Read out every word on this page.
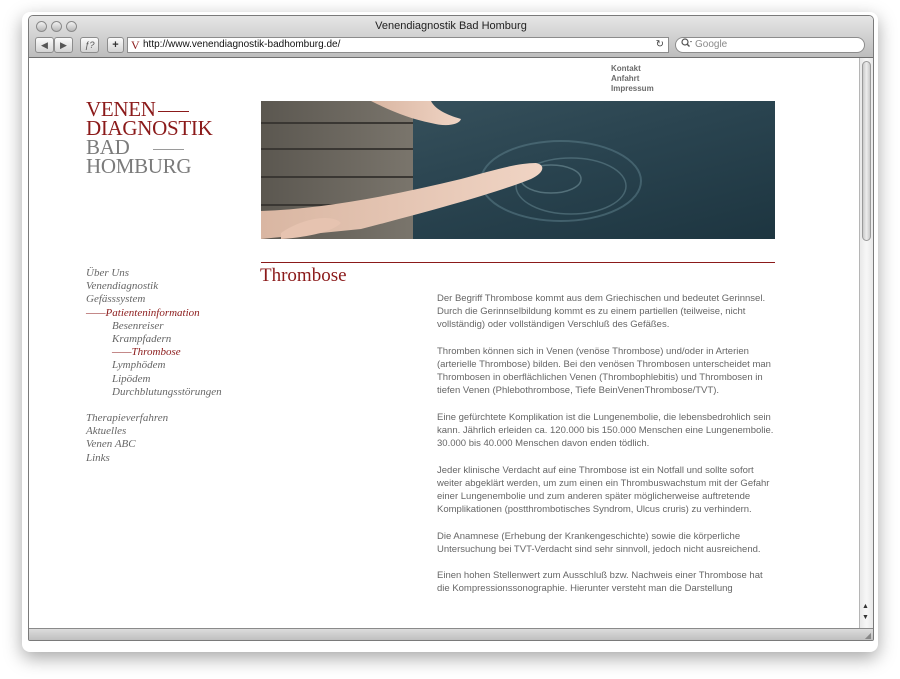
Venendiagnostik Bad Homburg
◀	▶	ƒ?	+	V http://www.venendiagnostik-badhomburg.de/	↻	Google
Kontakt
Anfahrt
Impressum
VENEN
DIAGNOSTIK
BAD
HOMBURG
Thrombose
Über Uns
Venendiagnostik
Gefässsystem
——Patienteninformation
Besenreiser
Krampfadern
——Thrombose
Lymphödem
Lipödem
Durchblutungsstörungen
Therapieverfahren
Aktuelles
Venen ABC
Links

Der Begriff Thrombose kommt aus dem Griechischen und bedeutet Gerinnsel. Durch die Gerinnselbildung kommt es zu einem partiellen (teilweise, nicht vollständig) oder vollständigen Verschluß des Gefäßes.

Thromben können sich in Venen (venöse Thrombose) und/oder in Arterien (arterielle Thrombose) bilden. Bei den venösen Thrombosen unterscheidet man Thrombosen in oberflächlichen Venen (Thrombophlebitis) und Thrombosen in tiefen Venen (Phlebothrombose, Tiefe BeinVenenThrombose/TVT).

Eine gefürchtete Komplikation ist die Lungenembolie, die lebensbedrohlich sein kann. Jährlich erleiden ca. 120.000 bis 150.000 Menschen eine Lungenembolie. 30.000 bis 40.000 Menschen davon enden tödlich.

Jeder klinische Verdacht auf eine Thrombose ist ein Notfall und sollte sofort weiter abgeklärt werden, um zum einen ein Thrombuswachstum mit der Gefahr einer Lungenembolie und zum anderen später möglicherweise auftretende Komplikationen (postthrombotisches Syndrom, Ulcus cruris) zu verhindern.

Die Anamnese (Erhebung der Krankengeschichte) sowie die körperliche Untersuchung bei TVT-Verdacht sind sehr sinnvoll, jedoch nicht ausreichend.

Einen hohen Stellenwert zum Ausschluß bzw. Nachweis einer Thrombose hat die Kompressionssonographie. Hierunter versteht man die Darstellung

▲
▼
◢
